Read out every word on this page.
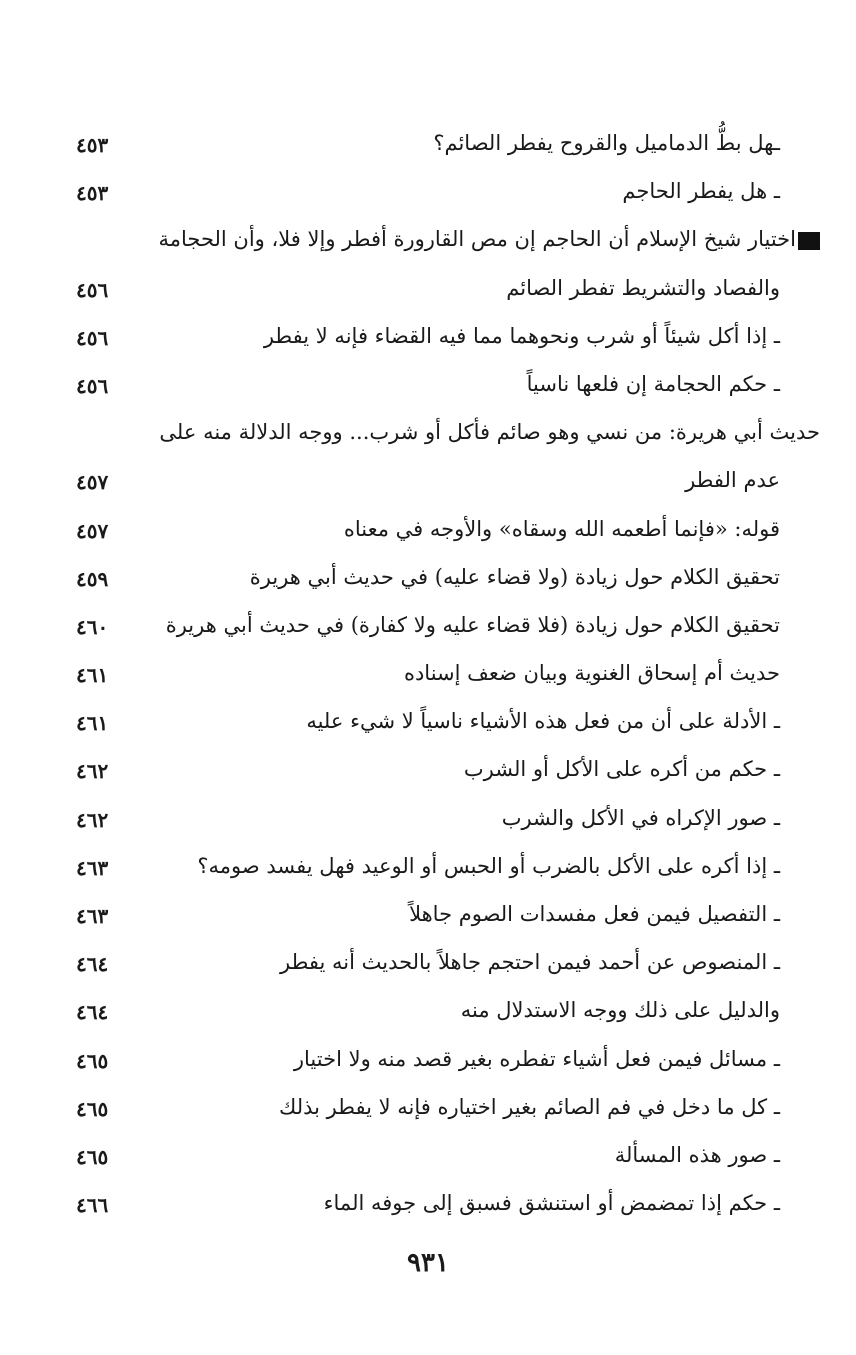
ـهل بطُّ الدماميل والقروح يفطر الصائم؟
٤٥٣
ـ هل يفطر الحاجم
٤٥٣
اختيار شيخ الإسلام أن الحاجم إن مص القارورة أفطر وإلا فلا، وأن الحجامة
والفصاد والتشريط تفطر الصائم
٤٥٦
ـ إذا أكل شيئاً أو شرب ونحوهما مما فيه القضاء فإنه لا يفطر
٤٥٦
ـ حكم الحجامة إن فلعها ناسياً
٤٥٦
حديث أبي هريرة: من نسي وهو صائم فأكل أو شرب... ووجه الدلالة منه على
عدم الفطر
٤٥٧
قوله: «فإنما أطعمه الله وسقاه» والأوجه في معناه
٤٥٧
تحقيق الكلام حول زيادة (ولا قضاء عليه) في حديث أبي هريرة
٤٥٩
تحقيق الكلام حول زيادة (فلا قضاء عليه ولا كفارة) في حديث أبي هريرة
٤٦٠
حديث أم إسحاق الغنوية وبيان ضعف إسناده
٤٦١
ـ الأدلة على أن من فعل هذه الأشياء ناسياً لا شيء عليه
٤٦١
ـ حكم من أكره على الأكل أو الشرب
٤٦٢
ـ صور الإكراه في الأكل والشرب
٤٦٢
ـ إذا أكره على الأكل بالضرب أو الحبس أو الوعيد فهل يفسد صومه؟
٤٦٣
ـ التفصيل فيمن فعل مفسدات الصوم جاهلاً
٤٦٣
ـ المنصوص عن أحمد فيمن احتجم جاهلاً بالحديث أنه يفطر
٤٦٤
والدليل على ذلك ووجه الاستدلال منه
٤٦٤
ـ مسائل فيمن فعل أشياء تفطره بغير قصد منه ولا اختيار
٤٦٥
ـ كل ما دخل في فم الصائم بغير اختياره فإنه لا يفطر بذلك
٤٦٥
ـ صور هذه المسألة
٤٦٥
ـ حكم إذا تمضمض أو استنشق فسبق إلى جوفه الماء
٤٦٦
٩٣١
